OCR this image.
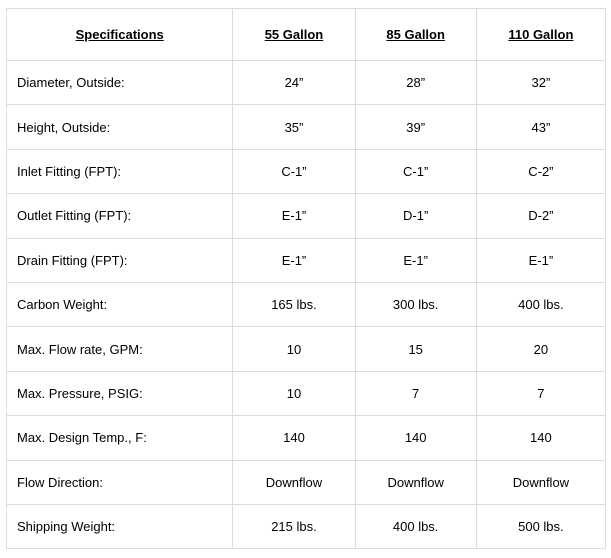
Specifications	55 Gallon	85 Gallon	110 Gallon
Diameter, Outside:	24”	28”	32”
Height, Outside:	35”	39”	43”
Inlet Fitting (FPT):	C-1”	C-1”	C-2”
Outlet Fitting (FPT):	E-1”	D-1”	D-2”
Drain Fitting (FPT):	E-1”	E-1”	E-1”
Carbon Weight:	165 lbs.	300 lbs.	400 lbs.
Max. Flow rate, GPM:	10	15	20
Max. Pressure, PSIG:	10	7	7
Max. Design Temp., F:	140	140	140
Flow Direction:	Downflow	Downflow	Downflow
Shipping Weight:	215 lbs.	400 lbs.	500 lbs.
